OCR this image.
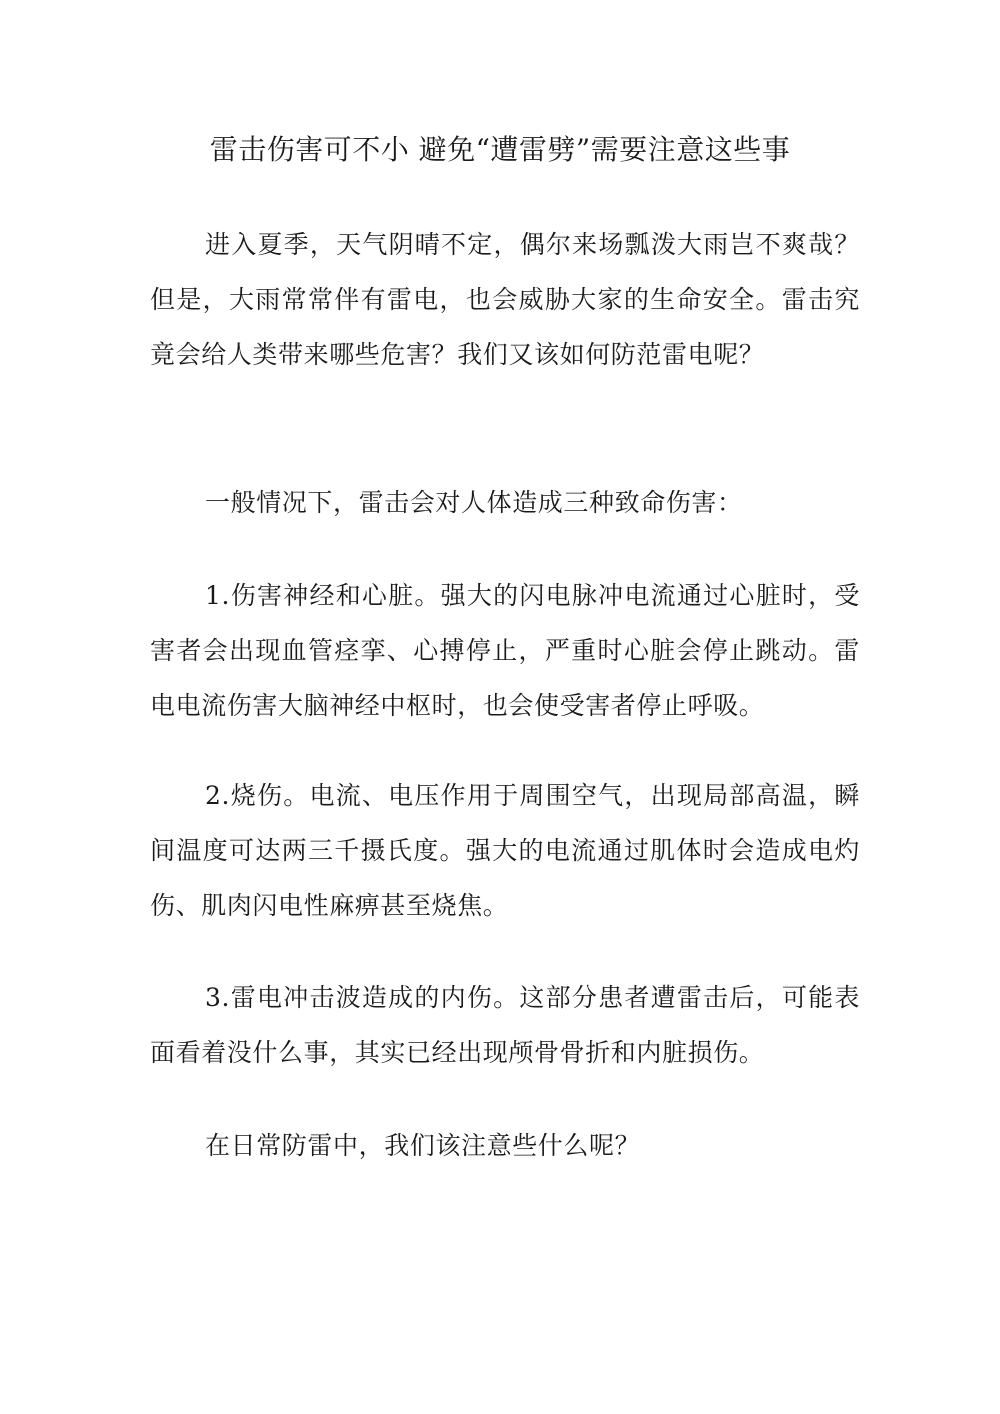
雷击伤害可不小 避免“遭雷劈”需要注意这些事

进入夏季，天气阴晴不定，偶尔来场瓢泼大雨岂不爽哉？但是，大雨常常伴有雷电，也会威胁大家的生命安全。雷击究竟会给人类带来哪些危害？我们又该如何防范雷电呢？

一般情况下，雷击会对人体造成三种致命伤害：

1.伤害神经和心脏。强大的闪电脉冲电流通过心脏时，受害者会出现血管痉挛、心搏停止，严重时心脏会停止跳动。雷电电流伤害大脑神经中枢时，也会使受害者停止呼吸。

2.烧伤。电流、电压作用于周围空气，出现局部高温，瞬间温度可达两三千摄氏度。强大的电流通过肌体时会造成电灼伤、肌肉闪电性麻痹甚至烧焦。

3.雷电冲击波造成的内伤。这部分患者遭雷击后，可能表面看着没什么事，其实已经出现颅骨骨折和内脏损伤。

在日常防雷中，我们该注意些什么呢？
